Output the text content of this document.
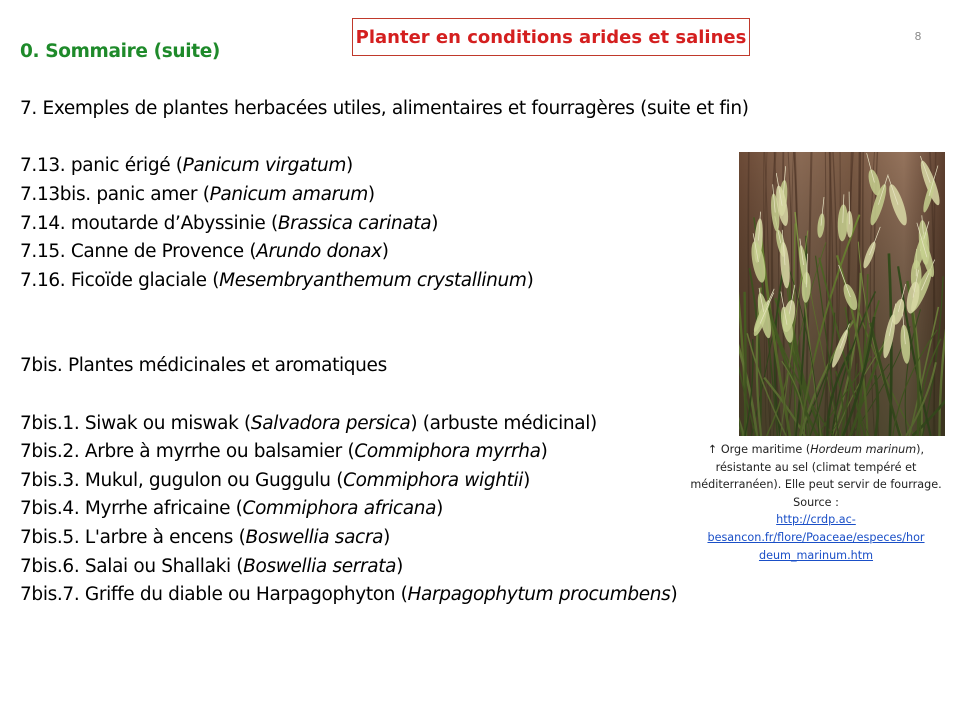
Planter en conditions arides et salines	8

0. Sommaire (suite)

7. Exemples de plantes herbacées utiles, alimentaires et fourragères (suite et fin)

7.13. panic érigé (Panicum virgatum)

7.13bis. panic amer (Panicum amarum)

7.14. moutarde d’Abyssinie (Brassica carinata)

7.15. Canne de Provence (Arundo donax)

7.16. Ficoïde glaciale (Mesembryanthemum crystallinum)

7bis. Plantes médicinales et aromatiques

7bis.1. Siwak ou miswak (Salvadora persica) (arbuste médicinal)

7bis.2. Arbre à myrrhe ou balsamier (Commiphora myrrha)

7bis.3. Mukul, gugulon ou Guggulu (Commiphora wightii)

7bis.4. Myrrhe africaine (Commiphora africana)

7bis.5. L'arbre à encens (Boswellia sacra)

7bis.6. Salai ou Shallaki (Boswellia serrata)

7bis.7. Griffe du diable ou Harpagophyton (Harpagophytum procumbens)

↑ Orge maritime (Hordeum marinum), résistante au sel (climat tempéré et méditerranéen). Elle peut servir de fourrage. Source :
http://crdp.ac-
besancon.fr/flore/Poaceae/especes/hor
deum_marinum.htm
